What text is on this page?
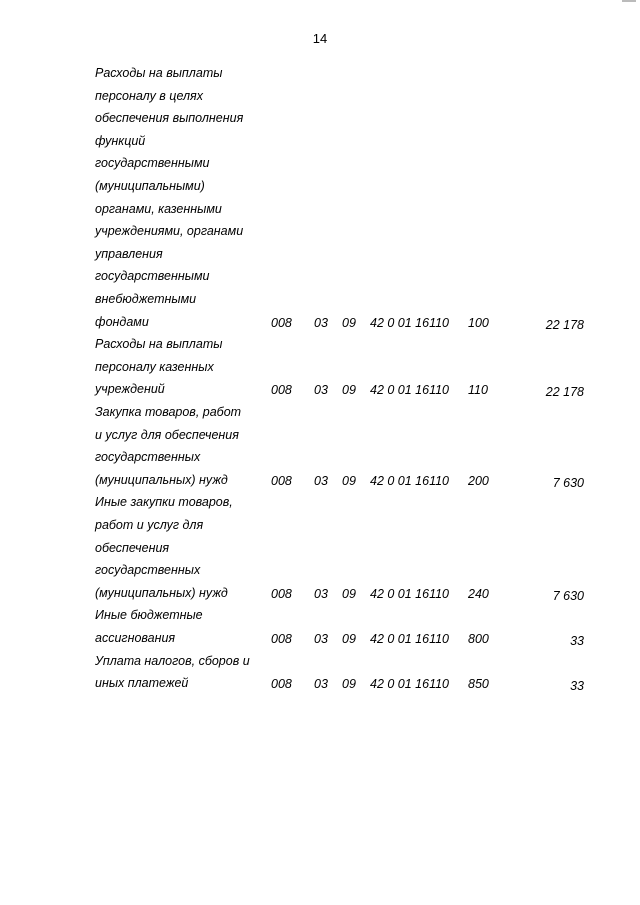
14
Расходы на выплаты
персоналу в целях
обеспечения выполнения
функций
государственными
(муниципальными)
органами, казенными
учреждениями, органами
управления
государственными
внебюджетными
фондами	008 03 09 42 0 01 16110 100	22 178
Расходы на выплаты
персоналу казенных
учреждений	008 03 09 42 0 01 16110 110	22 178
Закупка товаров, работ
и услуг для обеспечения
государственных
(муниципальных) нужд	008 03 09 42 0 01 16110 200	7 630
Иные закупки товаров,
работ и услуг для
обеспечения
государственных
(муниципальных) нужд	008 03 09 42 0 01 16110 240	7 630
Иные бюджетные
ассигнования	008 03 09 42 0 01 16110 800	33
Уплата налогов, сборов и
иных платежей	008 03 09 42 0 01 16110 850	33
